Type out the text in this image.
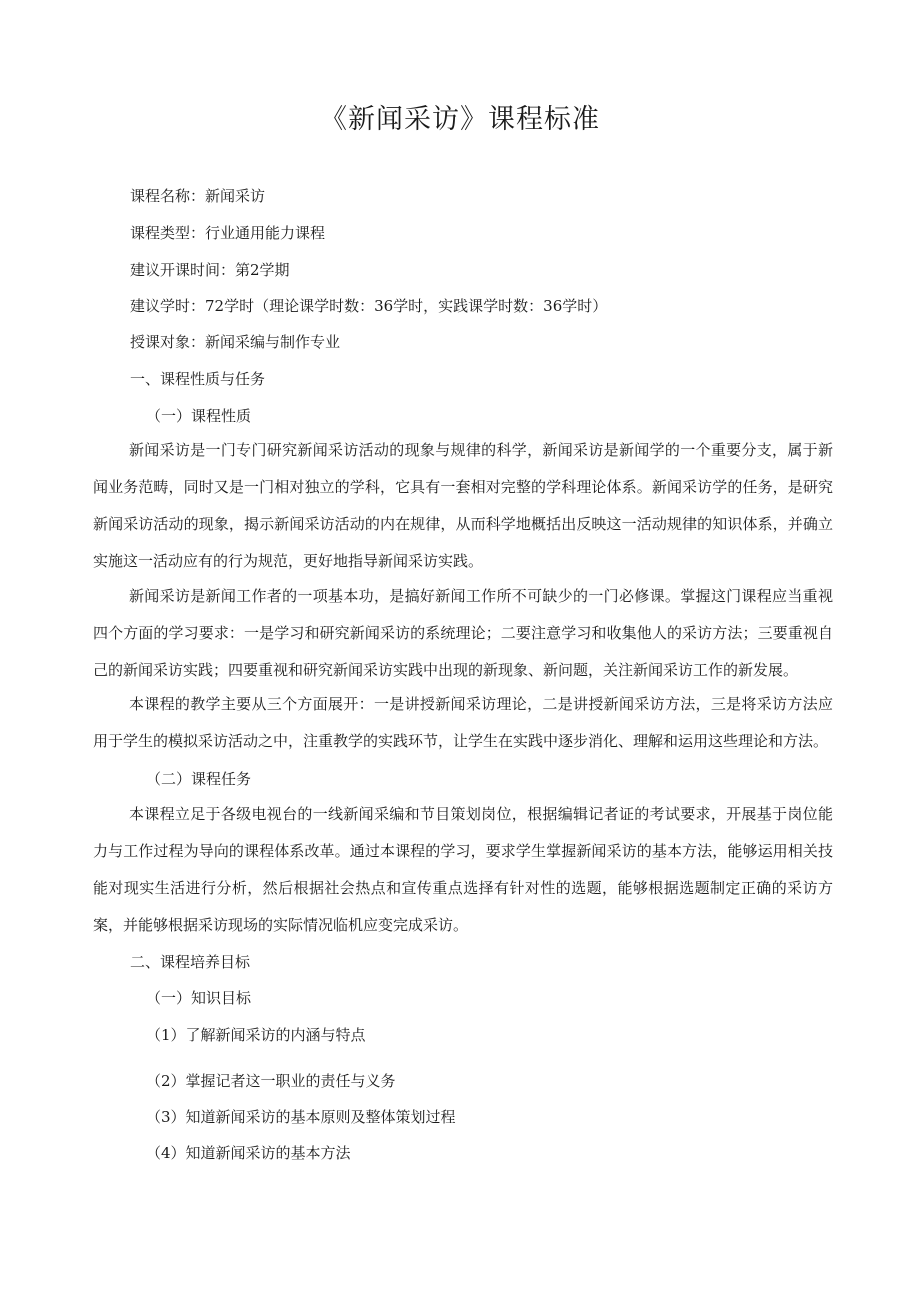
《新闻采访》课程标准
课程名称：新闻采访
课程类型：行业通用能力课程
建议开课时间：第2学期
建议学时：72学时（理论课学时数：36学时，实践课学时数：36学时）
授课对象：新闻采编与制作专业
一、课程性质与任务
（一）课程性质

新闻采访是一门专门研究新闻采访活动的现象与规律的科学，新闻采访是新闻学的一个重要分支，属于新闻业务范畴，同时又是一门相对独立的学科，它具有一套相对完整的学科理论体系。新闻采访学的任务，是研究新闻采访活动的现象，揭示新闻采访活动的内在规律，从而科学地概括出反映这一活动规律的知识体系，并确立实施这一活动应有的行为规范，更好地指导新闻采访实践。

新闻采访是新闻工作者的一项基本功，是搞好新闻工作所不可缺少的一门必修课。掌握这门课程应当重视四个方面的学习要求：一是学习和研究新闻采访的系统理论；二要注意学习和收集他人的采访方法；三要重视自己的新闻采访实践；四要重视和研究新闻采访实践中出现的新现象、新问题，关注新闻采访工作的新发展。

本课程的教学主要从三个方面展开：一是讲授新闻采访理论，二是讲授新闻采访方法，三是将采访方法应用于学生的模拟采访活动之中，注重教学的实践环节，让学生在实践中逐步消化、理解和运用这些理论和方法。

（二）课程任务

本课程立足于各级电视台的一线新闻采编和节目策划岗位，根据编辑记者证的考试要求，开展基于岗位能力与工作过程为导向的课程体系改革。通过本课程的学习，要求学生掌握新闻采访的基本方法，能够运用相关技能对现实生活进行分析，然后根据社会热点和宣传重点选择有针对性的选题，能够根据选题制定正确的采访方案，并能够根据采访现场的实际情况临机应变完成采访。

二、课程培养目标
（一）知识目标
（1）了解新闻采访的内涵与特点
（2）掌握记者这一职业的责任与义务
（3）知道新闻采访的基本原则及整体策划过程
（4）知道新闻采访的基本方法
